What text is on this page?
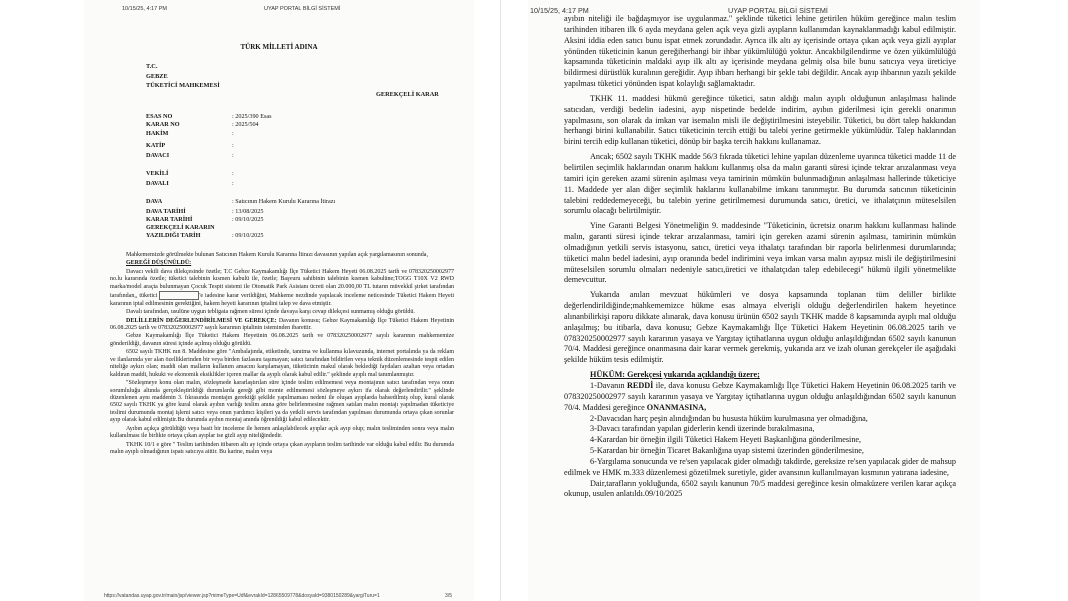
10/15/25, 4:17 PM	UYAP PORTAL BİLGİ SİSTEMİ
TÜRK MİLLETİ ADINA
T.C.
GEBZE
TÜKETİCİ MAHKEMESİ
GEREKÇELİ KARAR
ESAS NO	: 2025/390 Esas
KARAR NO	: 2025/504
HAKİM	:
KATİP	:
DAVACI	:
VEKİLİ	:
DAVALI	:
DAVA	: Satıcının Hakem Kurulu Kararına İtirazı
DAVA TARİHİ	: 13/08/2025
KARAR TARİHİ	: 09/10/2025
GEREKÇELİ KARARIN
YAZILDIĞI TARİH	: 09/10/2025

Mahkememizde görülmekte bulunan Satıcının Hakem Kurulu Kararına İtirazı davasının yapılan açık yargılamasının sonunda,

GEREĞİ DÜŞÜNÜLDÜ:

Davacı vekili dava dilekçesinde özetle; T.C Gebze Kaymakamlığı İlçe Tüketici Hakem Heyeti 06.08.2025 tarih ve 078320250002977 no.lu kararında özetle; tüketici talebinin kısmen kabulü ile, özetle; Başvuru sahibinin talebinin kısmen kabulüne;TOGG T10X V2 RWD marka/model araçta bulunmayan Çocuk Tespit sistemi ile Otomatik Park Asistanı ücreti olan 20.000,00 TL tutarın müvekkil şirket tarafından tarafından,, tüketici	'e iadesine karar verildiğini, Mahkeme nezdinde yapılacak inceleme neticesinde Tüketici Hakem Heyeti kararının iptal edilmesinin gerektiğini, hakem heyeti kararının iptalini talep ve dava etmiştir.

Davalı tarafından, usulüne uygun tebligata rağmen süresi içinde davaya karşı cevap dilekçesi sunmamış olduğu görüldü.

DELİLLERİN DEĞERLENDİRİLMESİ VE GEREKÇE: Davanın konusu; Gebze Kaymakamlığı İlçe Tüketici Hakem Heyetinin 06.08.2025 tarih ve 078320250002977 sayılı kararının iptalinin isteminden ibarettir.

Gebze Kaymakamlığı İlçe Tüketici Hakem Heyetinin 06.08.2025 tarih ve 078320250002977 sayılı kararının mahkememize gönderildiği, davanın süresi içinde açılmış olduğu görüldü.

6502 sayılı TKHK nın 8. Maddesine göre "Ambalajında, etiketinde, tanıtma ve kullanma kılavuzunda, internet portalında ya da reklam ve ilanlarında yer alan özelliklerinden bir veya birden fazlasını taşımayan; satıcı tarafından bildirilen veya teknik düzenlemesinde tespit edilen niteliğe aykırı olan; maddi olan malların kullanım amacını karşılamayan, tüketicinin makul olarak beklediği faydaları azaltan veya ortadan kaldıran maddi, hukuki ve ekonomik eksiklikler içeren mallar da ayıplı olarak kabul edilir." şeklinde ayıplı mal tanımlanmıştır.

"Sözleşmeye konu olan malın, sözleşmede kararlaştırılan süre içinde teslim edilmemesi veya montajının satıcı tarafından veya onun sorumluluğu altında gerçekleştirildiği durumlarda gereği gibi monte edilmemesi sözleşmeye aykırı ifa olarak değerlendirilir." şeklinde düzenlenen aynı maddenin 3. fıkrasında montajın gerektiği şekilde yapılmaması nedeni ile oluşan ayıplarda bahsedilmiş olup, kural olarak 6502 sayılı TKHK ya göre kural olarak ayıbın varlığı teslim anına göre belirlenmesine rağmen satılan malın montajı yapılmadan tüketiciye teslimi durumunda montaj işlemi satıcı veya onun yardımcı kişileri ya da yetkili servis tarafından yapılması durumunda ortaya çıkan sorunlar ayıp olarak kabul edilmiştir.Bu durumda ayıbın montaj anında öğrenildiği kabul edilecektir.

Ayıbın açıkça görüldüğü veya basit bir inceleme ile hemen anlaşılabilecek ayıplar açık ayıp olup; malın tesliminden sonra veya malın kullanılması ile birlikte ortaya çıkan ayıplar ise gizli ayıp niteliğindedir.

TKHK 10/1 e göre " Teslim tarihinden itibaren altı ay içinde ortaya çıkan ayıpların teslim tarihinde var olduğu kabul edilir. Bu durumda malın ayıplı olmadığının ispatı satıcıya aittir. Bu karine, malın veya

https://vatandas.uyap.gov.tr/main/jsp/viewer.jsp?mimeType=Udf&evrakId=12865509778&dosyaId=9380150289&yargiTuru=1	3/5
10/15/25, 4:17 PM	UYAP PORTAL BİLGİ SİSTEMİ

ayıbın niteliği ile bağdaşmıyor ise uygulanmaz." şeklinde tüketici lehine getirilen hüküm gereğince malın teslim tarihinden itibaren ilk 6 ayda meydana gelen açık veya gizli ayıpların kullanımdan kaynaklanmadığı kabul edilmiştir. Aksini iddia eden satıcı bunu ispat etmek zorundadır. Ayrıca ilk altı ay içerisinde ortaya çıkan açık veya gizli ayıplar yönünden tüketicinin kanun gereğiherhangi bir ihbar yükümlülüğü yoktur. Ancakbilgilendirme ve özen yükümlülüğü kapsamında tüketicinin maldaki ayıp ilk altı ay içerisinde meydana gelmiş olsa bile bunu satıcıya veya üreticiye bildirmesi dürüstlük kuralının gereğidir. Ayıp ihbarı herhangi bir şekle tabi değildir. Ancak ayıp ihbarının yazılı şekilde yapılması tüketici yönünden ispat kolaylığı sağlamaktadır.

TKHK 11. maddesi hükmü gereğince tüketici, satın aldığı malın ayıplı olduğunun anlaşılması halinde satıcıdan, verdiği bedelin iadesini, ayıp nispetinde bedelde indirim, ayıbın giderilmesi için gerekli onarımın yapılmasını, son olarak da imkan var isemalın misli ile değiştirilmesini isteyebilir. Tüketici, bu dört talep hakkından herhangi birini kullanabilir. Satıcı tüketicinin tercih ettiği bu talebi yerine getirmekle yükümlüdür. Talep haklarından birini tercih edip kullanan tüketici, dönüp bir başka tercih hakkını kullanamaz.

Ancak; 6502 sayılı TKHK madde 56/3 fıkrada tüketici lehine yapılan düzenleme uyarınca tüketici madde 11 de belirtilen seçimlik haklarından onarım hakkını kullanmış olsa da malın garanti süresi içinde tekrar arızalanması veya tamiri için gereken azami sürenin aşılması veya tamirinin mümkün bulunmadığının anlaşılması hallerinde tüketiciye 11. Maddede yer alan diğer seçimlik haklarını kullanabilme imkanı tanınmıştır. Bu durumda satıcının tüketicinin talebini reddedemeyeceği, bu talebin yerine getirilmemesi durumunda satıcı, üretici, ve ithalatçının müteselsilen sorumlu olacağı belirtilmiştir.

Yine Garanti Belgesi Yönetmeliğin 9. maddesinde "Tüketicinin, ücretsiz onarım hakkını kullanması halinde malın, garanti süresi içinde tekrar arızalanması, tamiri için gereken azami sürenin aşılması, tamirinin mümkün olmadığının yetkili servis istasyonu, satıcı, üretici veya ithalatçı tarafından bir raporla belirlenmesi durumlarında; tüketici malın bedel iadesini, ayıp oranında bedel indirimini veya imkan varsa malın ayıpsız misli ile değiştirilmesini müteselsilen sorumlu olmaları nedeniyle satıcı,üretici ve ithalatçıdan talep edebilecegi" hükmü ilgili yönetmelikte demevcuttur.

Yukarıda anılan mevzuat hükümleri ve dosya kapsamında toplanan tüm deliller birlikte değerlendirildiğinde;mahkememizce hükme esas almaya elverişli olduğu değerlendirilen hakem heyetince alınanbilirkişi raporu dikkate alınarak, dava konusu ürünün 6502 sayılı TKHK madde 8 kapsamında ayıplı mal olduğu anlaşılmış; bu itibarla, dava konusu; Gebze Kaymakamlığı İlçe Tüketici Hakem Heyetinin 06.08.2025 tarih ve 078320250002977 sayılı kararının yasaya ve Yargıtay içtihatlarına uygun olduğu anlaşıldığından 6502 sayılı kanunun 70/4. Maddesi gereğince onanmasına dair karar vermek gerekmiş, yukarıda arz ve izah olunan gerekçeler ile aşağıdaki şekilde hüküm tesis edilmiştir.

HÜKÜM: Gerekçesi yukarıda açıklandığı üzere;

1-Davanın REDDİ ile, dava konusu Gebze Kaymakamlığı İlçe Tüketici Hakem Heyetinin 06.08.2025 tarih ve 078320250002977 sayılı kararının yasaya ve Yargıtay içtihatlarına uygun olduğu anlaşıldığından 6502 sayılı kanunun 70/4. Maddesi gereğince ONANMASINA,

2-Davacıdan harç peşin alındığından bu hususta hüküm kurulmasına yer olmadığına,

3-Davacı tarafından yapılan giderlerin kendi üzerinde bırakılmasına,

4-Karardan bir örneğin ilgili Tüketici Hakem Heyeti Başkanlığına gönderilmesine,

5-Karardan bir örneğin Ticaret Bakanlığına uyap sistemi üzerinden gönderilmesine,

6-Yargılama sonucunda ve re'sen yapılacak gider olmadığı takdirde, gereksize re'sen yapılacak gider de mahsup edilmek ve HMK m.333 düzenlemesi gözetilmek suretiyle, gider avansının kullanılmayan kısmının yatırana iadesine,

Dair,tarafların yokluğunda, 6502 sayılı kanunun 70/5 maddesi gereğince kesin olmaküzere verilen karar açıkça okunup, usulen anlatıldı.09/10/2025
